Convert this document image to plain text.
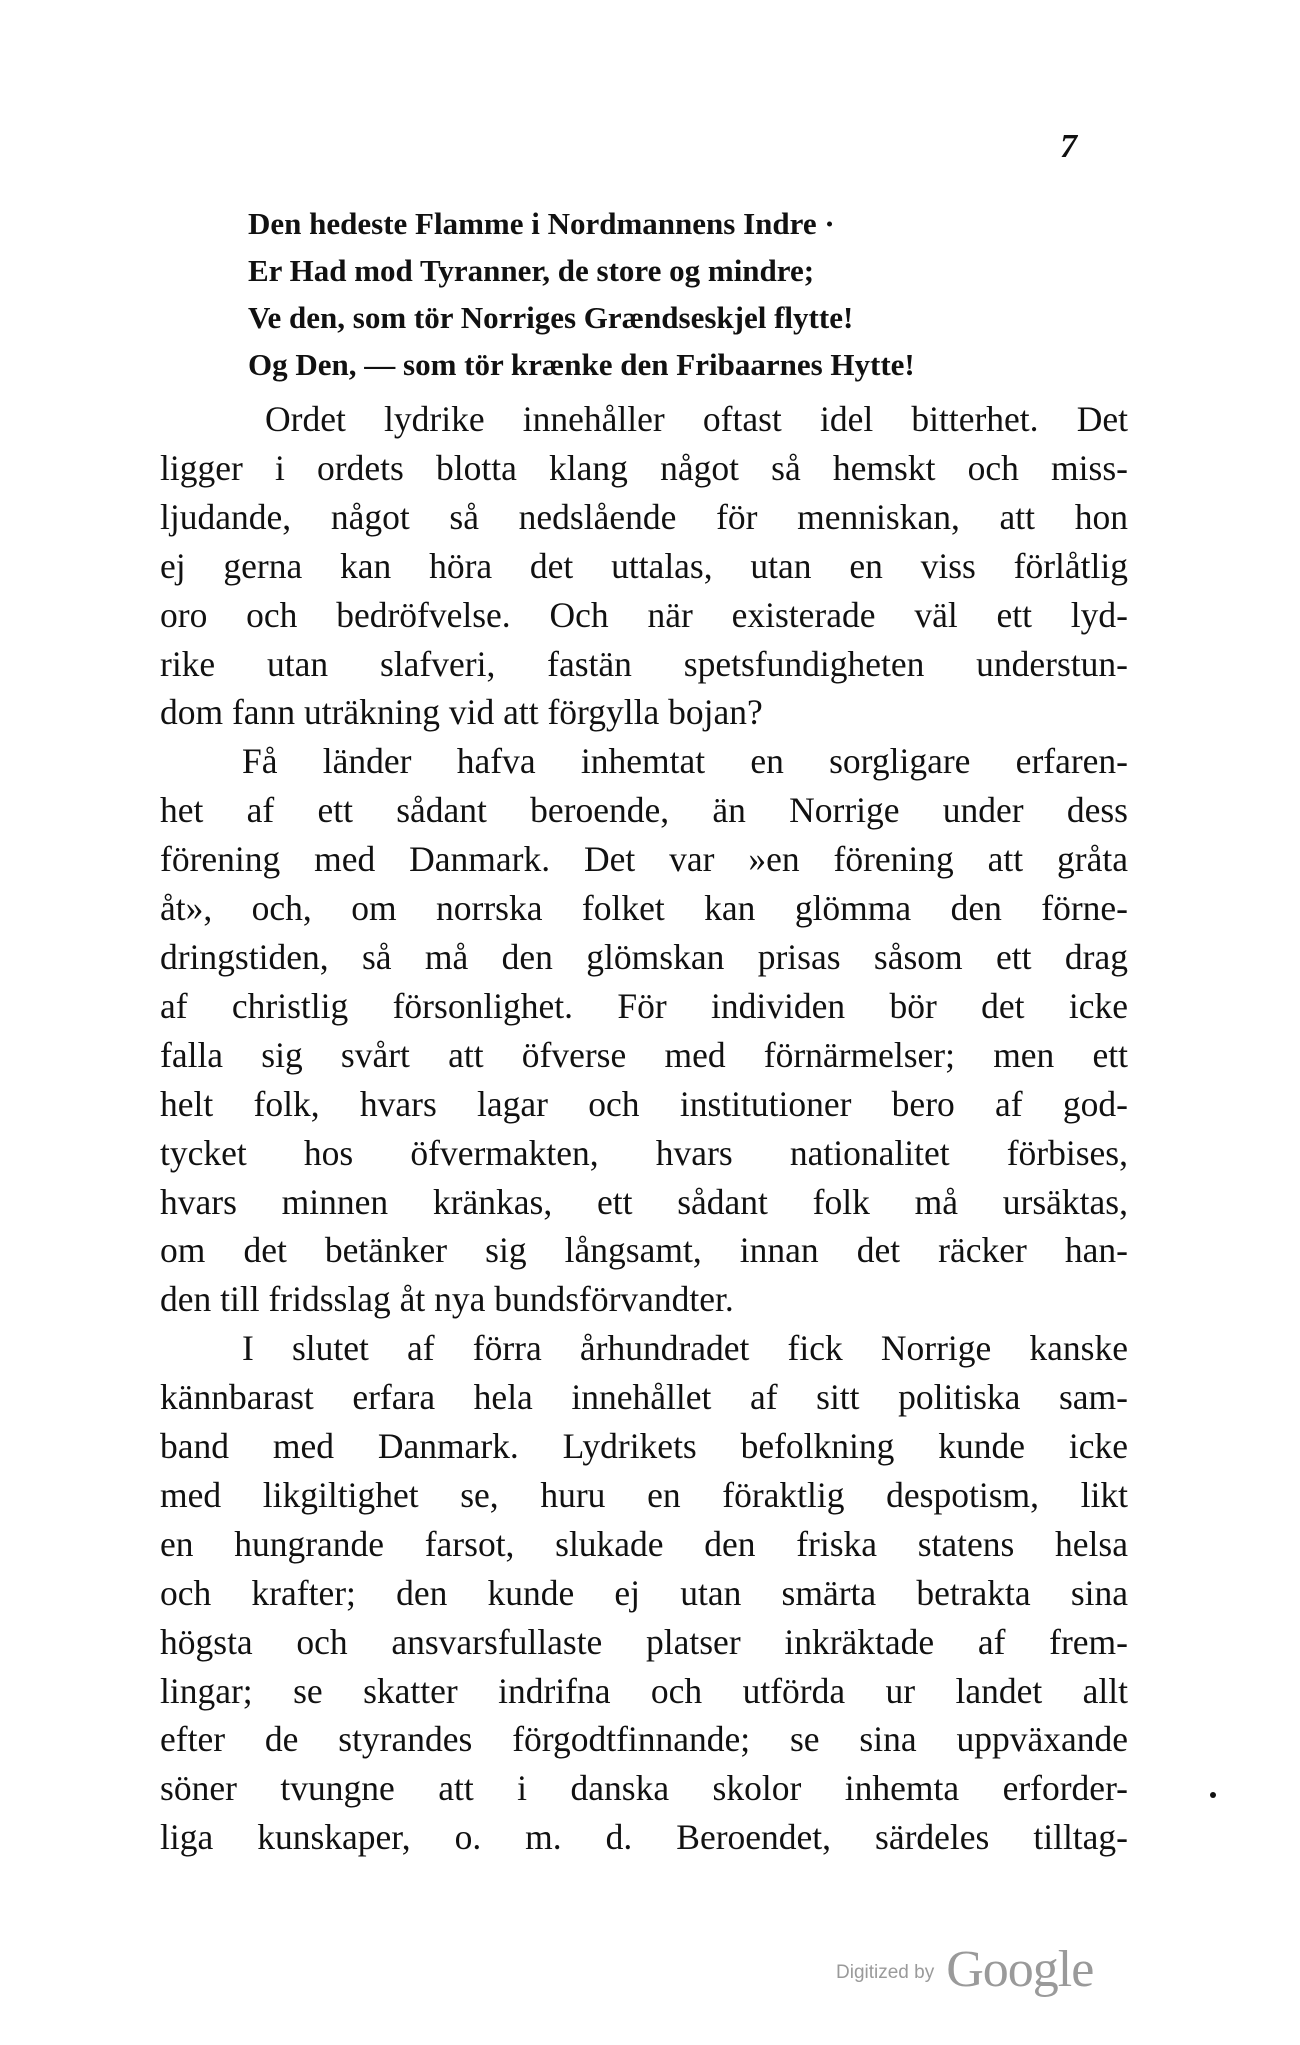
7
Den hedeste Flamme i Nordmannens Indre ·
Er Had mod Tyranner, de store og mindre;
Ve den, som tör Norriges Grændseskjel flytte!
Og Den, — som tör krænke den Fribaarnes Hytte!
Ordet lydrike innehåller oftast idel bitterhet. Det
ligger i ordets blotta klang något så hemskt och miss-
ljudande, något så nedslående för menniskan, att hon
ej gerna kan höra det uttalas, utan en viss förlåtlig
oro och bedröfvelse. Och när existerade väl ett lyd-
rike utan slafveri, fastän spetsfundigheten understun-
dom fann uträkning vid att förgylla bojan?
Få länder hafva inhemtat en sorgligare erfaren-
het af ett sådant beroende, än Norrige under dess
förening med Danmark. Det var »en förening att gråta
åt», och, om norrska folket kan glömma den förne-
dringstiden, så må den glömskan prisas såsom ett drag
af christlig försonlighet. För individen bör det icke
falla sig svårt att öfverse med förnärmelser; men ett
helt folk, hvars lagar och institutioner bero af god-
tycket hos öfvermakten, hvars nationalitet förbises,
hvars minnen kränkas, ett sådant folk må ursäktas,
om det betänker sig långsamt, innan det räcker han-
den till fridsslag åt nya bundsförvandter.
I slutet af förra århundradet fick Norrige kanske
kännbarast erfara hela innehållet af sitt politiska sam-
band med Danmark. Lydrikets befolkning kunde icke
med likgiltighet se, huru en föraktlig despotism, likt
en hungrande farsot, slukade den friska statens helsa
och krafter; den kunde ej utan smärta betrakta sina
högsta och ansvarsfullaste platser inkräktade af frem-
lingar; se skatter indrifna och utförda ur landet allt
efter de styrandes förgodtfinnande; se sina uppväxande
söner tvungne att i danska skolor inhemta erforder-
liga kunskaper, o. m. d. Beroendet, särdeles tilltag-
Digitized by Google
